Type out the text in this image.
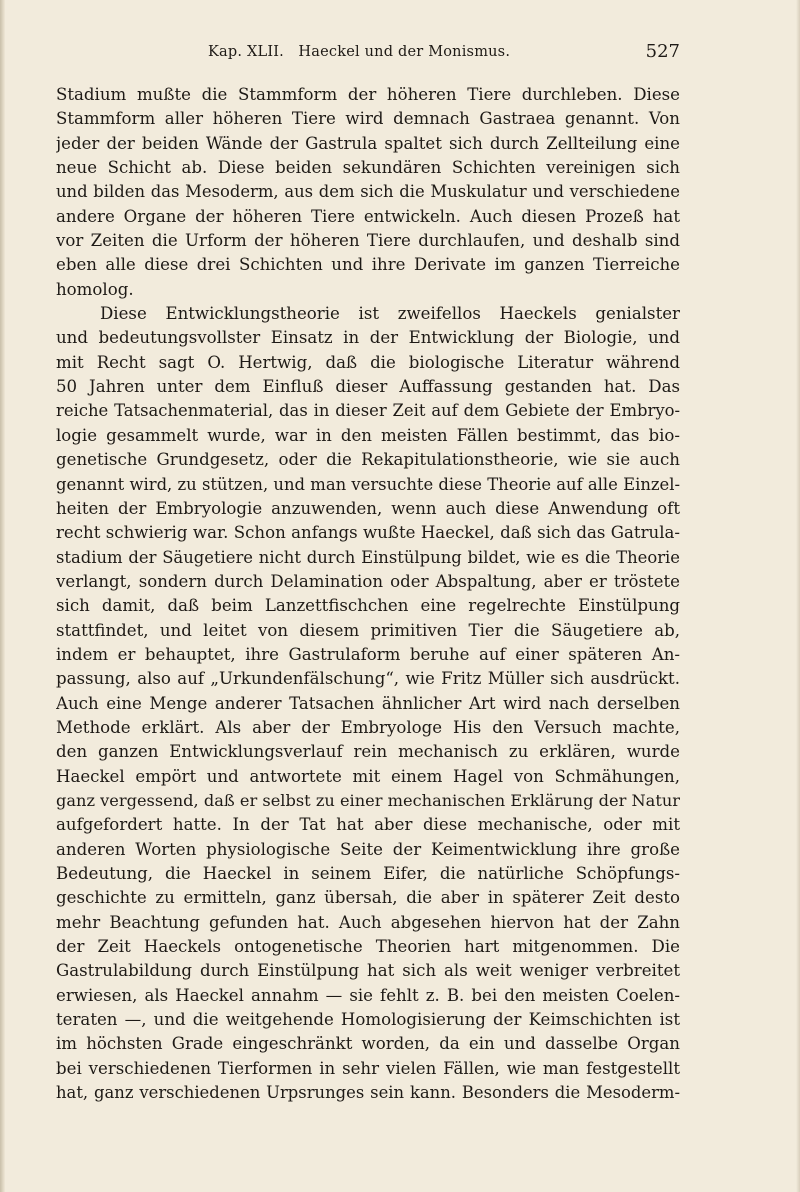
Kap. XLII.   Haeckel und der Monismus.	527
Stadium mußte die Stammform der höheren Tiere durchleben. Diese
Stammform aller höheren Tiere wird demnach Gastraea genannt. Von
jeder der beiden Wände der Gastrula spaltet sich durch Zellteilung eine
neue Schicht ab. Diese beiden sekundären Schichten vereinigen sich
und bilden das Mesoderm, aus dem sich die Muskulatur und verschiedene
andere Organe der höheren Tiere entwickeln. Auch diesen Prozeß hat
vor Zeiten die Urform der höheren Tiere durchlaufen, und deshalb sind
eben alle diese drei Schichten und ihre Derivate im ganzen Tierreiche
homolog.
Diese Entwicklungstheorie ist zweifellos Haeckels genialster
und bedeutungsvollster Einsatz in der Entwicklung der Biologie, und
mit Recht sagt O. Hertwig, daß die biologische Literatur während
50 Jahren unter dem Einfluß dieser Auffassung gestanden hat. Das
reiche Tatsachenmaterial, das in dieser Zeit auf dem Gebiete der Embryo-
logie gesammelt wurde, war in den meisten Fällen bestimmt, das bio-
genetische Grundgesetz, oder die Rekapitulationstheorie, wie sie auch
genannt wird, zu stützen, und man versuchte diese Theorie auf alle Einzel-
heiten der Embryologie anzuwenden, wenn auch diese Anwendung oft
recht schwierig war. Schon anfangs wußte Haeckel, daß sich das Gatrula-
stadium der Säugetiere nicht durch Einstülpung bildet, wie es die Theorie
verlangt, sondern durch Delamination oder Abspaltung, aber er tröstete
sich damit, daß beim Lanzettfischchen eine regelrechte Einstülpung
stattfindet, und leitet von diesem primitiven Tier die Säugetiere ab,
indem er behauptet, ihre Gastrulaform beruhe auf einer späteren An-
passung, also auf „Urkundenfälschung“, wie Fritz Müller sich ausdrückt.
Auch eine Menge anderer Tatsachen ähnlicher Art wird nach derselben
Methode erklärt. Als aber der Embryologe His den Versuch machte,
den ganzen Entwicklungsverlauf rein mechanisch zu erklären, wurde
Haeckel empört und antwortete mit einem Hagel von Schmähungen,
ganz vergessend, daß er selbst zu einer mechanischen Erklärung der Natur
aufgefordert hatte. In der Tat hat aber diese mechanische, oder mit
anderen Worten physiologische Seite der Keimentwicklung ihre große
Bedeutung, die Haeckel in seinem Eifer, die natürliche Schöpfungs-
geschichte zu ermitteln, ganz übersah, die aber in späterer Zeit desto
mehr Beachtung gefunden hat. Auch abgesehen hiervon hat der Zahn
der Zeit Haeckels ontogenetische Theorien hart mitgenommen. Die
Gastrulabildung durch Einstülpung hat sich als weit weniger verbreitet
erwiesen, als Haeckel annahm — sie fehlt z. B. bei den meisten Coelen-
teraten —, und die weitgehende Homologisierung der Keimschichten ist
im höchsten Grade eingeschränkt worden, da ein und dasselbe Organ
bei verschiedenen Tierformen in sehr vielen Fällen, wie man festgestellt
hat, ganz verschiedenen Urpsrunges sein kann. Besonders die Mesoderm-
